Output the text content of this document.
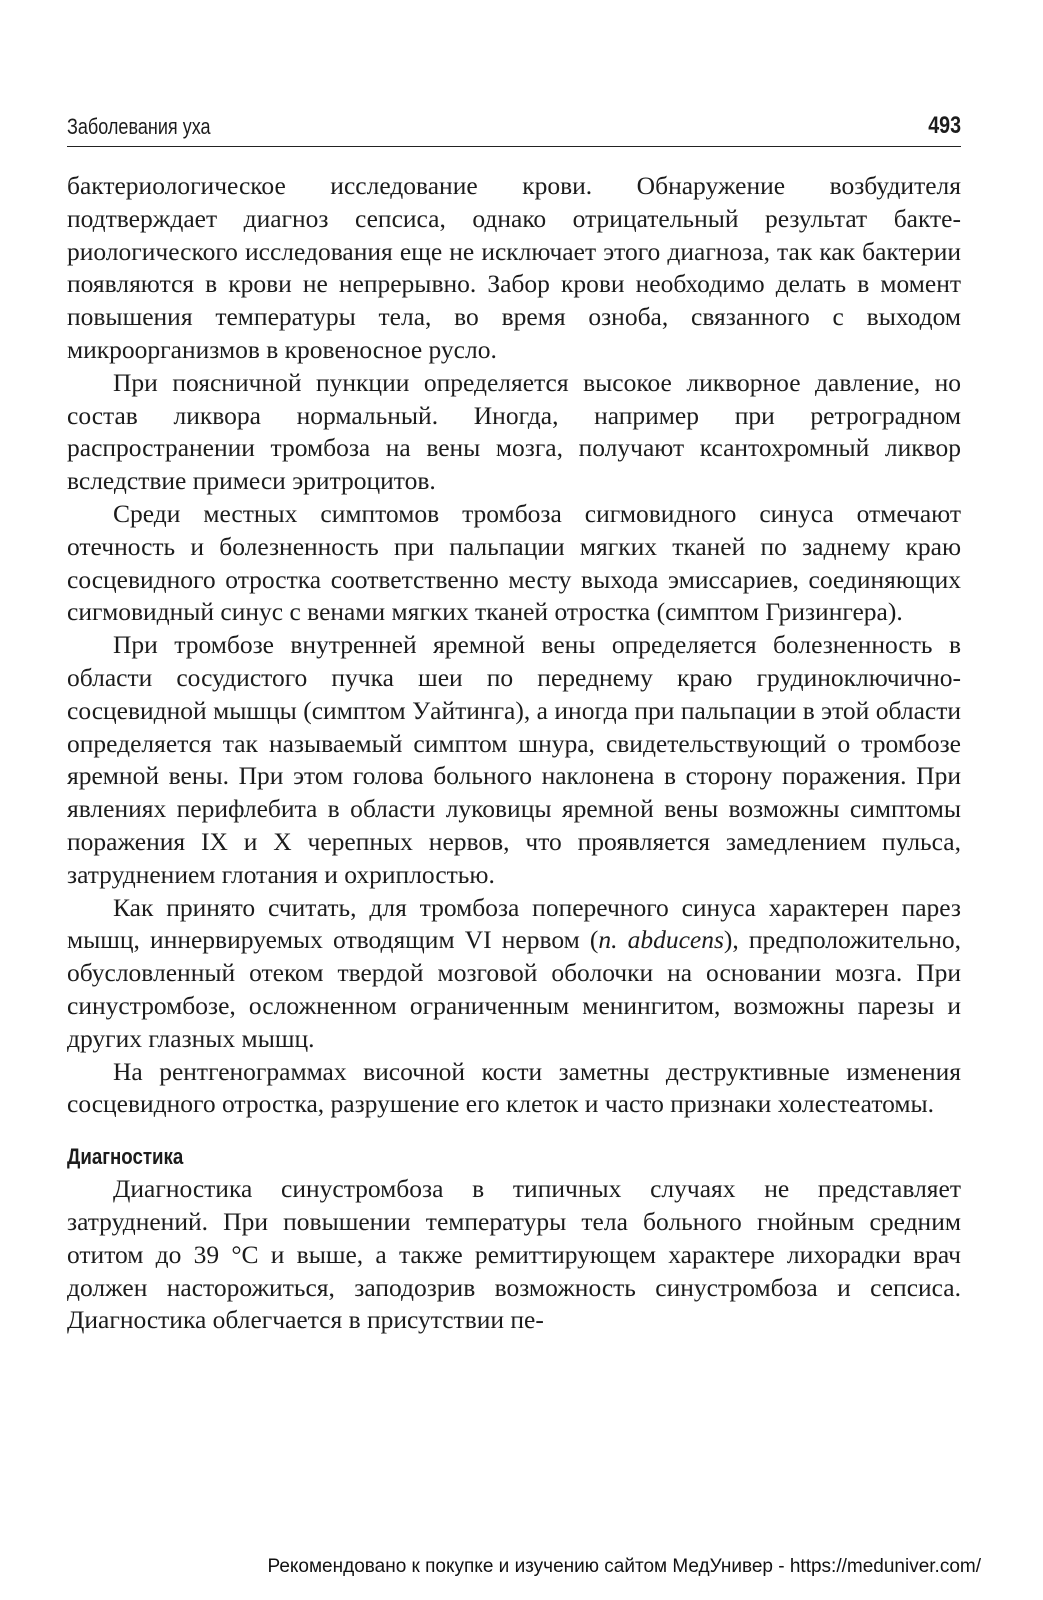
Заболевания уха	493

бактериологическое исследование крови. Обнаружение возбудителя подтверждает диагноз сепсиса, однако отрицательный результат бактериологического исследования еще не исключает этого диагноза, так как бактерии появляются в крови не непрерывно. Забор крови необходимо делать в момент повышения температуры тела, во время озноба, связанного с выходом микроорганизмов в кровеносное русло.

При поясничной пункции определяется высокое ликворное давление, но состав ликвора нормальный. Иногда, например при ретроградном распространении тромбоза на вены мозга, получают ксантохромный ликвор вследствие примеси эритроцитов.

Среди местных симптомов тромбоза сигмовидного синуса отмечают отечность и болезненность при пальпации мягких тканей по заднему краю сосцевидного отростка соответственно месту выхода эмиссариев, соединяющих сигмовидный синус с венами мягких тканей отростка (симптом Гризингера).

При тромбозе внутренней яремной вены определяется болезненность в области сосудистого пучка шеи по переднему краю грудиноключично-сосцевидной мышцы (симптом Уайтинга), а иногда при пальпации в этой области определяется так называемый симптом шнура, свидетельствующий о тромбозе яремной вены. При этом голова больного наклонена в сторону поражения. При явлениях перифлебита в области луковицы яремной вены возможны симптомы поражения IX и X черепных нервов, что проявляется замедлением пульса, затруднением глотания и охриплостью.

Как принято считать, для тромбоза поперечного синуса характерен парез мышц, иннервируемых отводящим VI нервом (n. abducens), предположительно, обусловленный отеком твердой мозговой оболочки на основании мозга. При синустромбозе, осложненном ограниченным менингитом, возможны парезы и других глазных мышц.

На рентгенограммах височной кости заметны деструктивные изменения сосцевидного отростка, разрушение его клеток и часто признаки холестеатомы.

Диагностика

Диагностика синустромбоза в типичных случаях не представляет затруднений. При повышении температуры тела больного гнойным средним отитом до 39 °С и выше, а также ремиттирующем характере лихорадки врач должен насторожиться, заподозрив возможность синустромбоза и сепсиса. Диагностика облегчается в присутствии пе-

Рекомендовано к покупке и изучению сайтом МедУнивер - https://meduniver.com/
